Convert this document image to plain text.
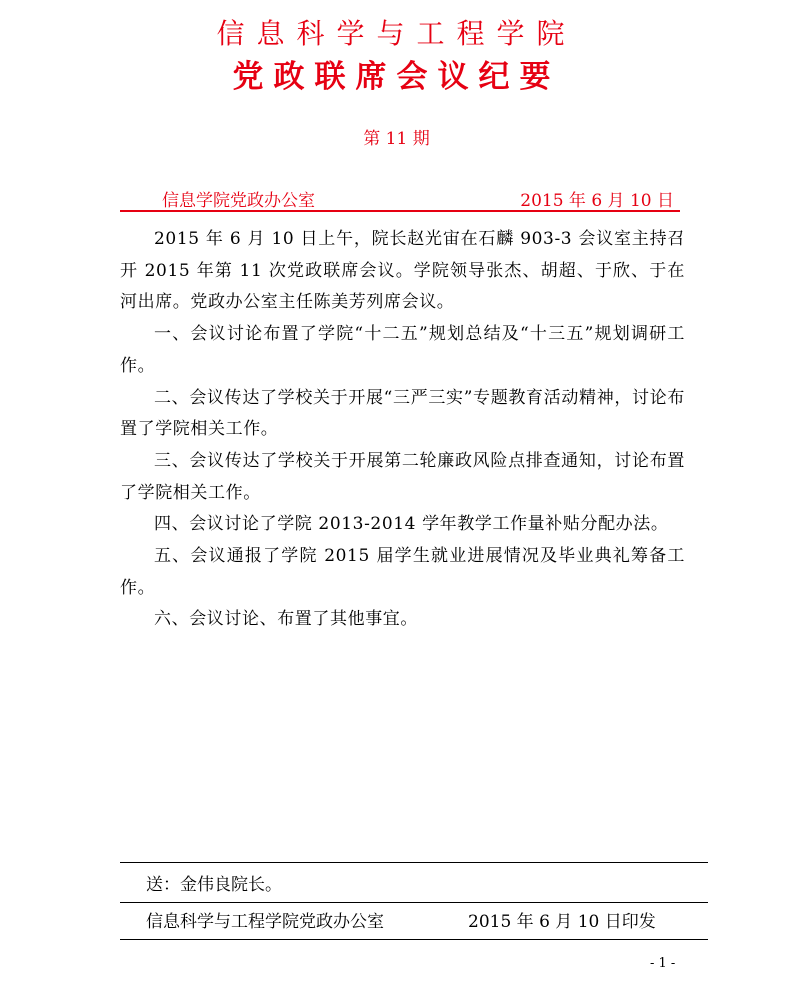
信息科学与工程学院
党政联席会议纪要
第 11 期
信息学院党政办公室	2015 年 6 月 10 日

2015 年 6 月 10 日上午，院长赵光宙在石麟 903-3 会议室主持召开 2015 年第 11 次党政联席会议。学院领导张杰、胡超、于欣、于在河出席。党政办公室主任陈美芳列席会议。

一、会议讨论布置了学院“十二五”规划总结及“十三五”规划调研工作。

二、会议传达了学校关于开展“三严三实”专题教育活动精神，讨论布置了学院相关工作。

三、会议传达了学校关于开展第二轮廉政风险点排查通知，讨论布置了学院相关工作。

四、会议讨论了学院 2013-2014 学年教学工作量补贴分配办法。

五、会议通报了学院 2015 届学生就业进展情况及毕业典礼筹备工作。

六、会议讨论、布置了其他事宜。

送：金伟良院长。
信息科学与工程学院党政办公室	2015 年 6 月 10 日印发
- 1 -
